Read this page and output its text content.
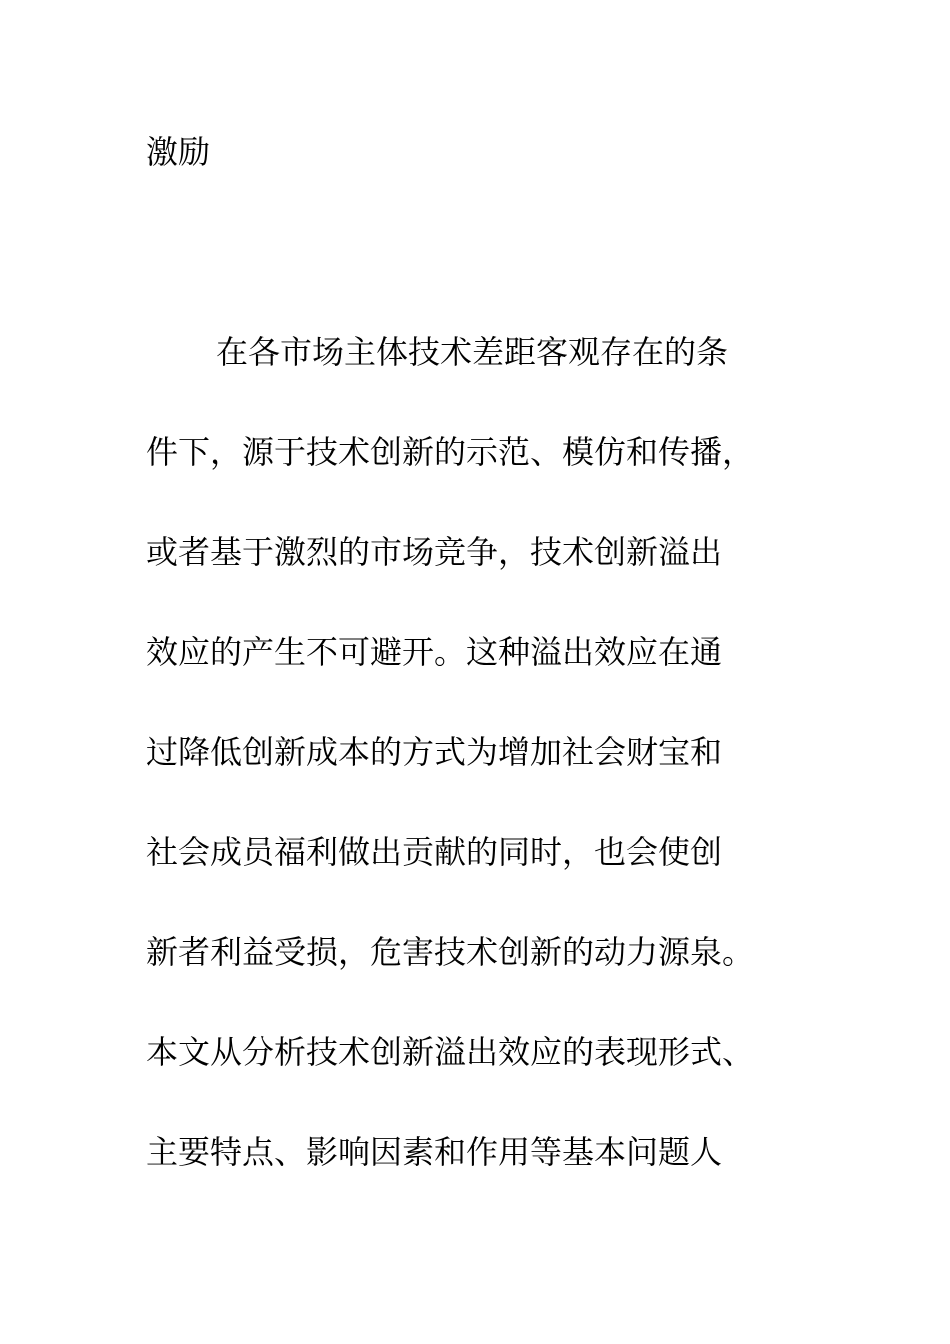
激励
在各市场主体技术差距客观存在的条
件下，源于技术创新的示范、模仿和传播，
或者基于激烈的市场竞争，技术创新溢出
效应的产生不可避开。这种溢出效应在通
过降低创新成本的方式为增加社会财宝和
社会成员福利做出贡献的同时，也会使创
新者利益受损，危害技术创新的动力源泉。
本文从分析技术创新溢出效应的表现形式、
主要特点、影响因素和作用等基本问题人
